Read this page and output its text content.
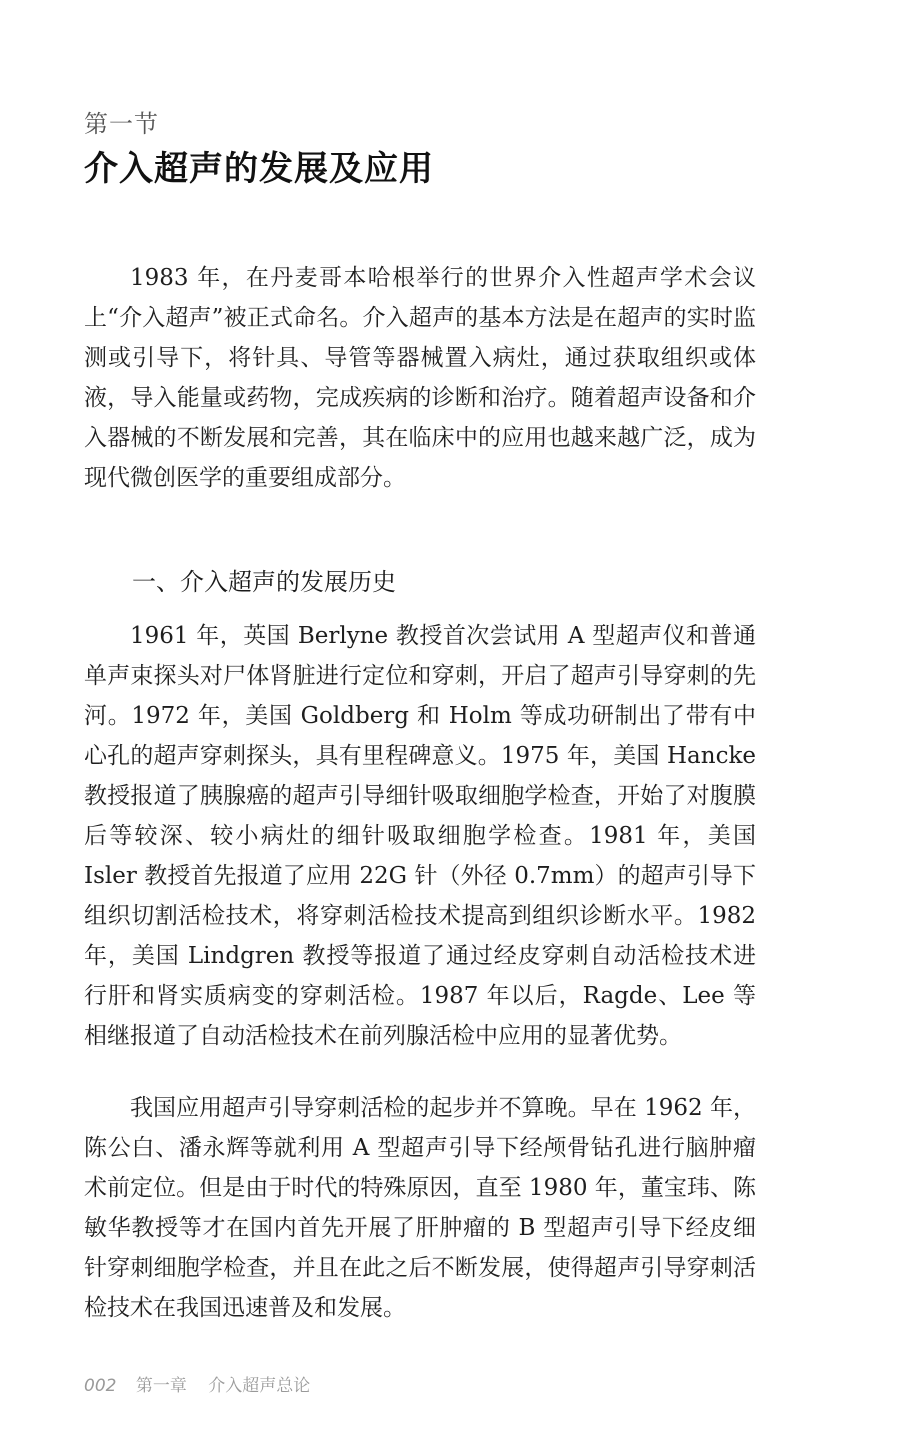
第一节
介入超声的发展及应用

1983 年，在丹麦哥本哈根举行的世界介入性超声学术会议上“介入超声”被正式命名。介入超声的基本方法是在超声的实时监测或引导下，将针具、导管等器械置入病灶，通过获取组织或体液，导入能量或药物，完成疾病的诊断和治疗。随着超声设备和介入器械的不断发展和完善，其在临床中的应用也越来越广泛，成为现代微创医学的重要组成部分。

一、介入超声的发展历史

1961 年，英国 Berlyne 教授首次尝试用 A 型超声仪和普通单声束探头对尸体肾脏进行定位和穿刺，开启了超声引导穿刺的先河。1972 年，美国 Goldberg 和 Holm 等成功研制出了带有中心孔的超声穿刺探头，具有里程碑意义。1975 年，美国 Hancke 教授报道了胰腺癌的超声引导细针吸取细胞学检查，开始了对腹膜后等较深、较小病灶的细针吸取细胞学检查。1981 年，美国 Isler 教授首先报道了应用 22G 针（外径 0.7mm）的超声引导下组织切割活检技术，将穿刺活检技术提高到组织诊断水平。1982 年，美国 Lindgren 教授等报道了通过经皮穿刺自动活检技术进行肝和肾实质病变的穿刺活检。1987 年以后，Ragde、Lee 等相继报道了自动活检技术在前列腺活检中应用的显著优势。

我国应用超声引导穿刺活检的起步并不算晚。早在 1962 年，陈公白、潘永辉等就利用 A 型超声引导下经颅骨钻孔进行脑肿瘤术前定位。但是由于时代的特殊原因，直至 1980 年，董宝玮、陈敏华教授等才在国内首先开展了肝肿瘤的 B 型超声引导下经皮细针穿刺细胞学检查，并且在此之后不断发展，使得超声引导穿刺活检技术在我国迅速普及和发展。

002 第一章 介入超声总论
